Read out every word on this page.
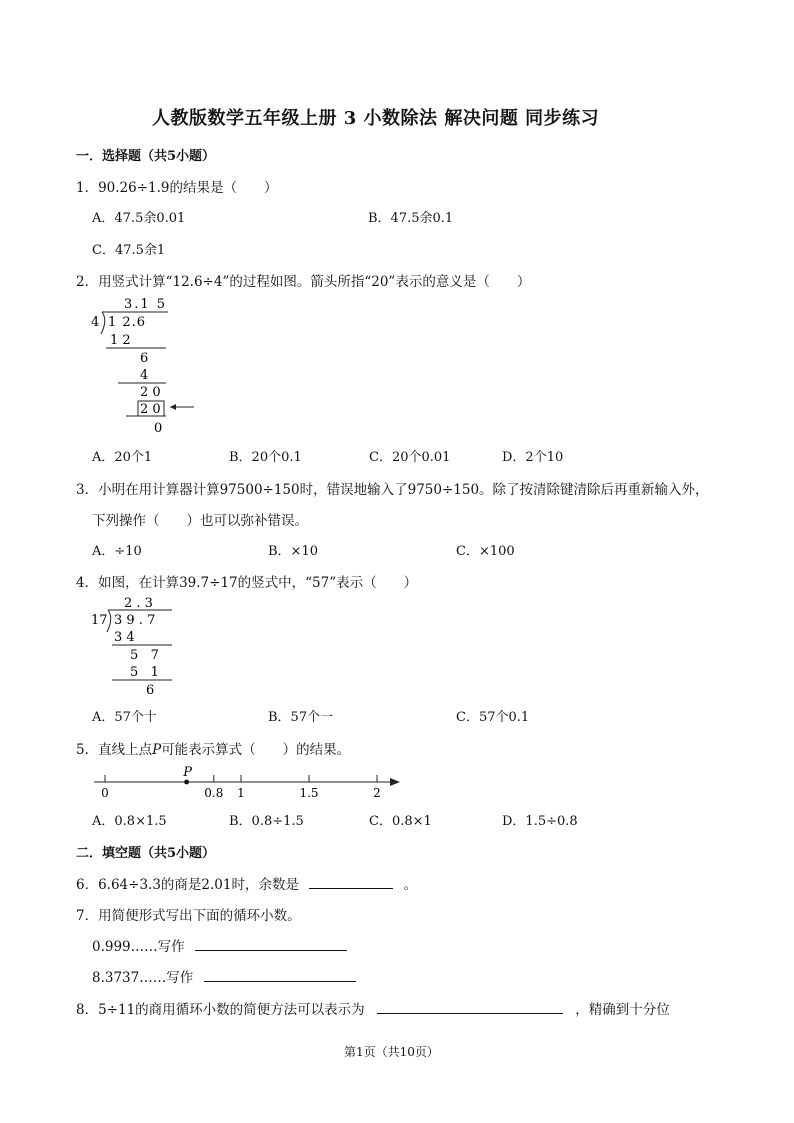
人教版数学五年级上册 3 小数除法 解决问题 同步练习
一．选择题（共5小题）
1．90.26÷1.9的结果是（　　）
A．47.5余0.01	B．47.5余0.1
C．47.5余1
2．用竖式计算“12.6÷4”的过程如图。箭头所指“20”表示的意义是（　　）
3.1 5
4 1 2.6
1 2
6
4
2 0
2 0
0
A．20个1	B．20个0.1	C．20个0.01	D．2个10
3．小明在用计算器计算97500÷150时，错误地输入了9750÷150。除了按清除键清除后再重新输入外，
下列操作（　　）也可以弥补错误。
A．÷10	B．×10	C．×100
4．如图，在计算39.7÷17的竖式中，“57”表示（　　）
2 . 3
17 3 9 . 7
3 4
5   7
5   1
6
A．57个十	B．57个一	C．57个0.1
5．直线上点P可能表示算式（　　）的结果。
0	0.8 1	1.5	2
P
A．0.8×1.5	B．0.8÷1.5	C．0.8×1	D．1.5÷0.8
二．填空题（共5小题）
6．6.64÷3.3的商是2.01时，余数是	。
7．用简便形式写出下面的循环小数。
0.999……写作
8.3737……写作
8．5÷11的商用循环小数的简便方法可以表示为	，精确到十分位
第1页（共10页）
